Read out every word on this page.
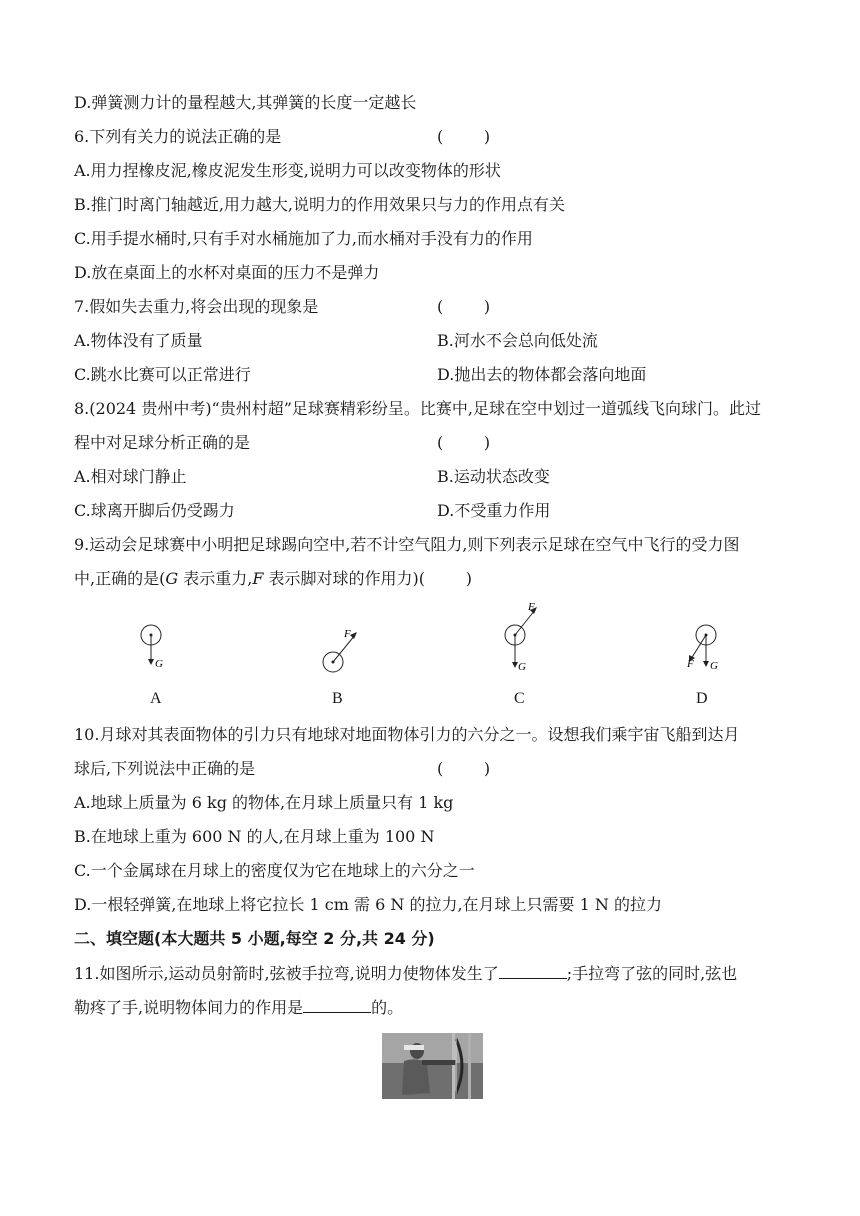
D.弹簧测力计的量程越大,其弹簧的长度一定越长
6.下列有关力的说法正确的是	(        )
A.用力捏橡皮泥,橡皮泥发生形变,说明力可以改变物体的形状
B.推门时离门轴越近,用力越大,说明力的作用效果只与力的作用点有关
C.用手提水桶时,只有手对水桶施加了力,而水桶对手没有力的作用
D.放在桌面上的水杯对桌面的压力不是弹力
7.假如失去重力,将会出现的现象是	(        )
A.物体没有了质量	B.河水不会总向低处流
C.跳水比赛可以正常进行	D.抛出去的物体都会落向地面
8.(2024 贵州中考)“贵州村超”足球赛精彩纷呈。比赛中,足球在空中划过一道弧线飞向球门。此过
程中对足球分析正确的是	(        )
A.相对球门静止	B.运动状态改变
C.球离开脚后仍受踢力	D.不受重力作用
9.运动会足球赛中小明把足球踢向空中,若不计空气阻力,则下列表示足球在空气中飞行的受力图
中,正确的是(G 表示重力,F 表示脚对球的作用力)(        )
G
F
F
G	F G
A	B	C	D
10.月球对其表面物体的引力只有地球对地面物体引力的六分之一。设想我们乘宇宙飞船到达月
球后,下列说法中正确的是	(        )
A.地球上质量为 6 kg 的物体,在月球上质量只有 1 kg
B.在地球上重为 600 N 的人,在月球上重为 100 N
C.一个金属球在月球上的密度仅为它在地球上的六分之一
D.一根轻弹簧,在地球上将它拉长 1 cm 需 6 N 的拉力,在月球上只需要 1 N 的拉力
二、填空题(本大题共 5 小题,每空 2 分,共 24 分)
11.如图所示,运动员射箭时,弦被手拉弯,说明力使物体发生了	;手拉弯了弦的同时,弦也
勒疼了手,说明物体间力的作用是	的。
